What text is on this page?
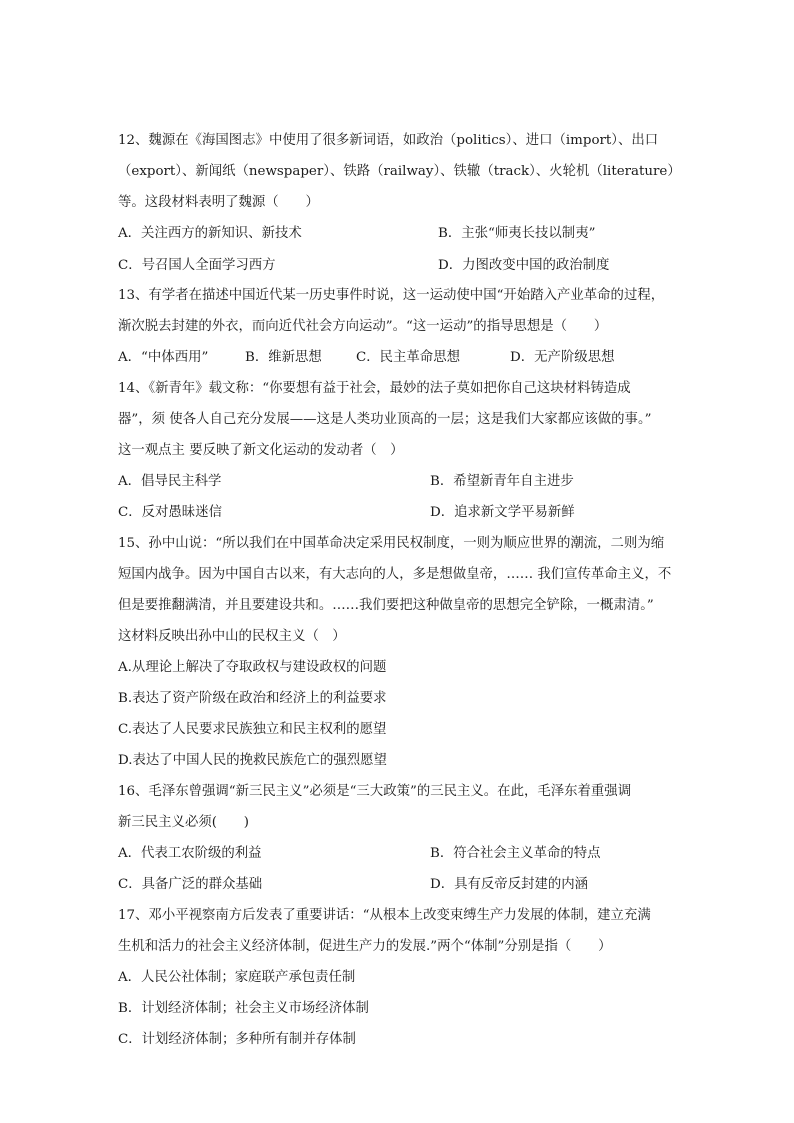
12、魏源在《海国图志》中使用了很多新词语，如政治（politics）、进口（import）、出口
（export）、新闻纸（newspaper）、铁路（railway）、铁辙（track）、火轮机（literature）
等。这段材料表明了魏源（　　）
A．关注西方的新知识、新技术	B．主张“师夷长技以制夷”
C．号召国人全面学习西方	D．力图改变中国的政治制度
13、有学者在描述中国近代某一历史事件时说，这一运动使中国“开始踏入产业革命的过程，
渐次脱去封建的外衣，而向近代社会方向运动”。“这一运动”的指导思想是（　　）
A．“中体西用”	B．维新思想	C．民主革命思想	D．无产阶级思想
14、《新青年》载文称：“你要想有益于社会，最妙的法子莫如把你自己这块材料铸造成
器”，须 使各人自己充分发展——这是人类功业顶高的一层；这是我们大家都应该做的事。”
这一观点主 要反映了新文化运动的发动者（　）
A．倡导民主科学	B．希望新青年自主进步
C．反对愚昧迷信	D．追求新文学平易新鲜
15、孙中山说：“所以我们在中国革命决定采用民权制度，一则为顺应世界的潮流，二则为缩
短国内战争。因为中国自古以来，有大志向的人，多是想做皇帝，…… 我们宣传革命主义，不
但是要推翻满清，并且要建设共和。……我们要把这种做皇帝的思想完全铲除，一概肃清。”
这材料反映出孙中山的民权主义（　）
A.从理论上解决了夺取政权与建设政权的问题
B.表达了资产阶级在政治和经济上的利益要求
C.表达了人民要求民族独立和民主权利的愿望
D.表达了中国人民的挽救民族危亡的强烈愿望
16、毛泽东曾强调“新三民主义”必须是“三大政策”的三民主义。在此，毛泽东着重强调
新三民主义必须(　　)
A．代表工农阶级的利益	B．符合社会主义革命的特点
C．具备广泛的群众基础	D．具有反帝反封建的内涵
17、邓小平视察南方后发表了重要讲话：“从根本上改变束缚生产力发展的体制，建立充满
生机和活力的社会主义经济体制，促进生产力的发展.”两个“体制”分别是指（　　）
A．人民公社体制；家庭联产承包责任制
B．计划经济体制；社会主义市场经济体制
C．计划经济体制；多种所有制并存体制
